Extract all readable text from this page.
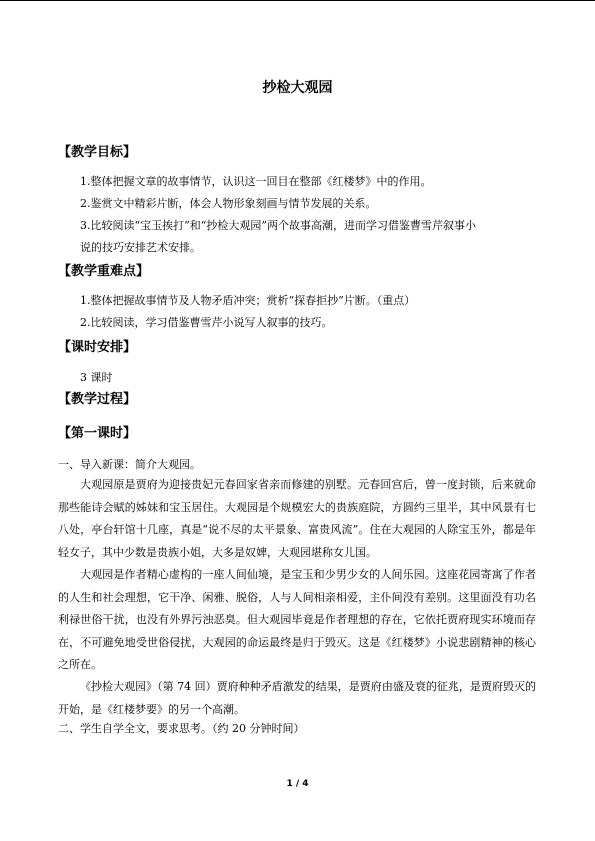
抄检大观园
【教学目标】
1.整体把握文章的故事情节，认识这一回目在整部《红楼梦》中的作用。
2.鉴赏文中精彩片断，体会人物形象刻画与情节发展的关系。
3.比较阅读“宝玉挨打”和“抄检大观园”两个故事高潮，进而学习借鉴曹雪芹叙事小
说的技巧安排艺术安排。
【教学重难点】
1.整体把握故事情节及人物矛盾冲突；赏析“探春拒抄”片断。（重点）
2.比较阅读，学习借鉴曹雪芹小说写人叙事的技巧。
【课时安排】
3 课时
【教学过程】
【第一课时】
一、导入新课：简介大观园。
大观园原是贾府为迎接贵妃元春回家省亲而修建的别墅。元春回宫后，曾一度封锁，后来就命那些能诗会赋的姊妹和宝玉居住。大观园是个规模宏大的贵族庭院，方圆约三里半，其中风景有七八处，亭台轩馆十几座，真是“说不尽的太平景象、富贵风流”。住在大观园的人除宝玉外，都是年轻女子，其中少数是贵族小姐，大多是奴婢，大观园堪称女儿国。
大观园是作者精心虚构的一座人间仙境，是宝玉和少男少女的人间乐园。这座花园寄寓了作者的人生和社会理想，它干净、闲雅、脱俗，人与人间相亲相爱，主仆间没有差别。这里面没有功名利禄世俗干扰，也没有外界污浊恶臭。但大观园毕竟是作者理想的存在，它依托贾府现实环境而存在，不可避免地受世俗侵扰，大观园的命运最终是归于毁灭。这是《红楼梦》小说悲剧精神的核心之所在。
《抄检大观园》（第 74 回）贾府种种矛盾激发的结果，是贾府由盛及衰的征兆，是贾府毁灭的开始，是《红楼梦要》的另一个高潮。
二、学生自学全文，要求思考。（约 20 分钟时间）
1 / 4
